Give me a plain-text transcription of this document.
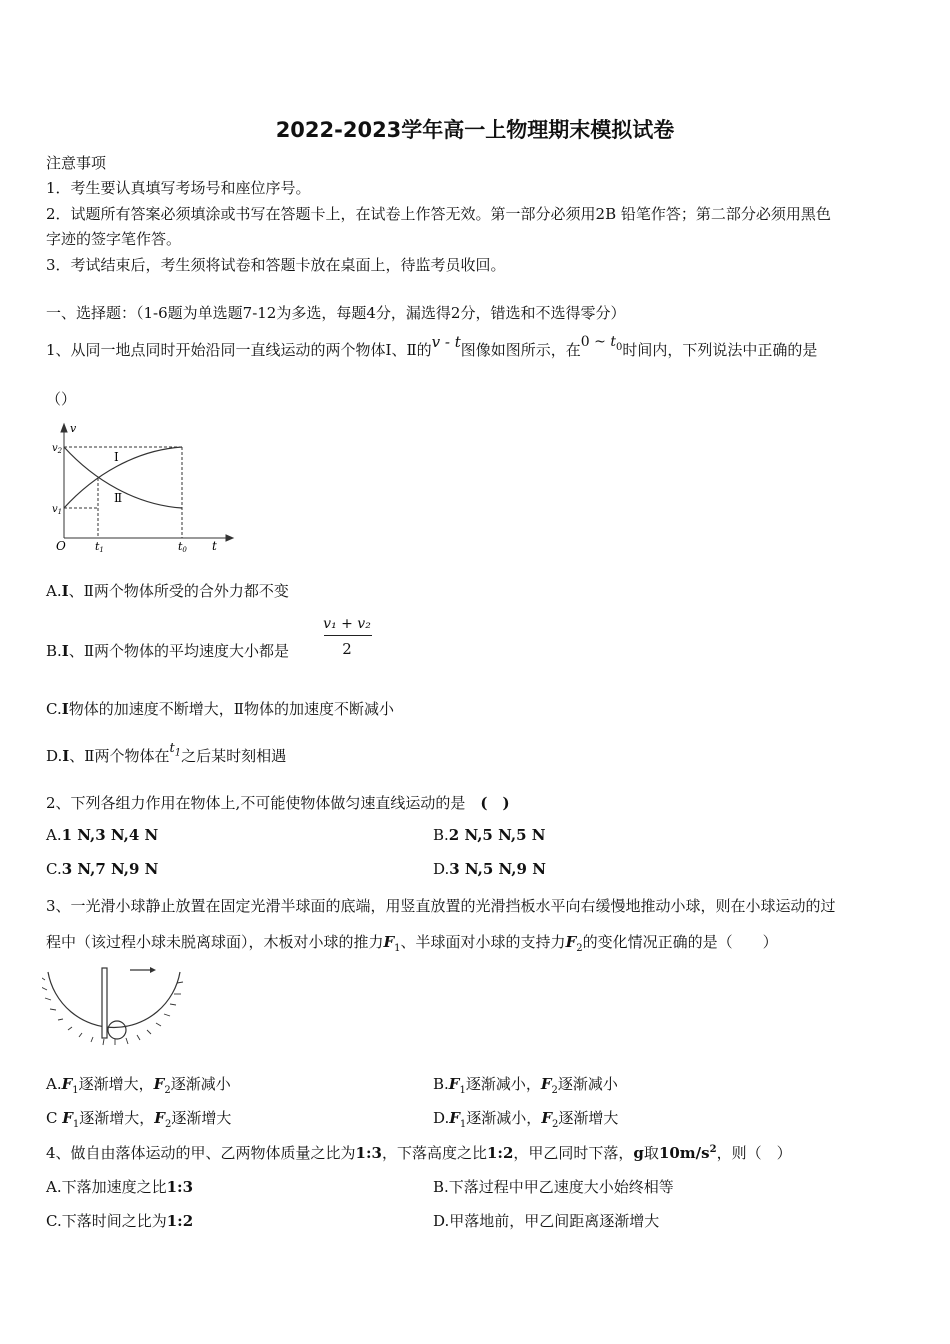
2022-2023学年高一上物理期末模拟试卷
注意事项
1．考生要认真填写考场号和座位序号。
2．试题所有答案必须填涂或书写在答题卡上，在试卷上作答无效。第一部分必须用2B 铅笔作答；第二部分必须用黑色
字迹的签字笔作答。
3．考试结束后，考生须将试卷和答题卡放在桌面上，待监考员收回。
一、选择题：（1-6题为单选题7-12为多选，每题4分，漏选得2分，错选和不选得零分）
1、从同一地点同时开始沿同一直线运动的两个物体Ⅰ、Ⅱ的v - t图像如图所示，在0 ~ $t_0$时间内，下列说法中正确的是
（）
v
$v_2$
$v_1$
O	t1	t0 t
Ⅰ
Ⅱ
A.Ⅰ、Ⅱ两个物体所受的合外力都不变
B.Ⅰ、Ⅱ两个物体的平均速度大小都是
v₁ + v₂
2
C.Ⅰ物体的加速度不断增大，Ⅱ物体的加速度不断减小
D.Ⅰ、Ⅱ两个物体在$t_1$之后某时刻相遇
2、下列各组力作用在物体上,不可能使物体做匀速直线运动的是　 (　)
A.1 N,3 N,4 N	B.2 N,5 N,5 N
C.3 N,7 N,9 N	D.3 N,5 N,9 N
3、一光滑小球静止放置在固定光滑半球面的底端，用竖直放置的光滑挡板水平向右缓慢地推动小球，则在小球运动的过
程中（该过程小球未脱离球面），木板对小球的推力$F_1$、半球面对小球的支持力$F_2$的变化情况正确的是（　　）
$A.F_1$逐渐增大，$F_2$逐渐减小	$B.F_1$逐渐减小，$F_2$逐渐减小
C $F_1$逐渐增大，$F_2$逐渐增大	$D.F_1$逐渐减小，$F_2$逐渐增大
4、做自由落体运动的甲、乙两物体质量之比为1:3，下落高度之比1:2，甲乙同时下落，g取$10m/s^2$，则（　）
A.下落加速度之比1:3	B.下落过程中甲乙速度大小始终相等
C.下落时间之比为1:2	D.甲落地前，甲乙间距离逐渐增大
